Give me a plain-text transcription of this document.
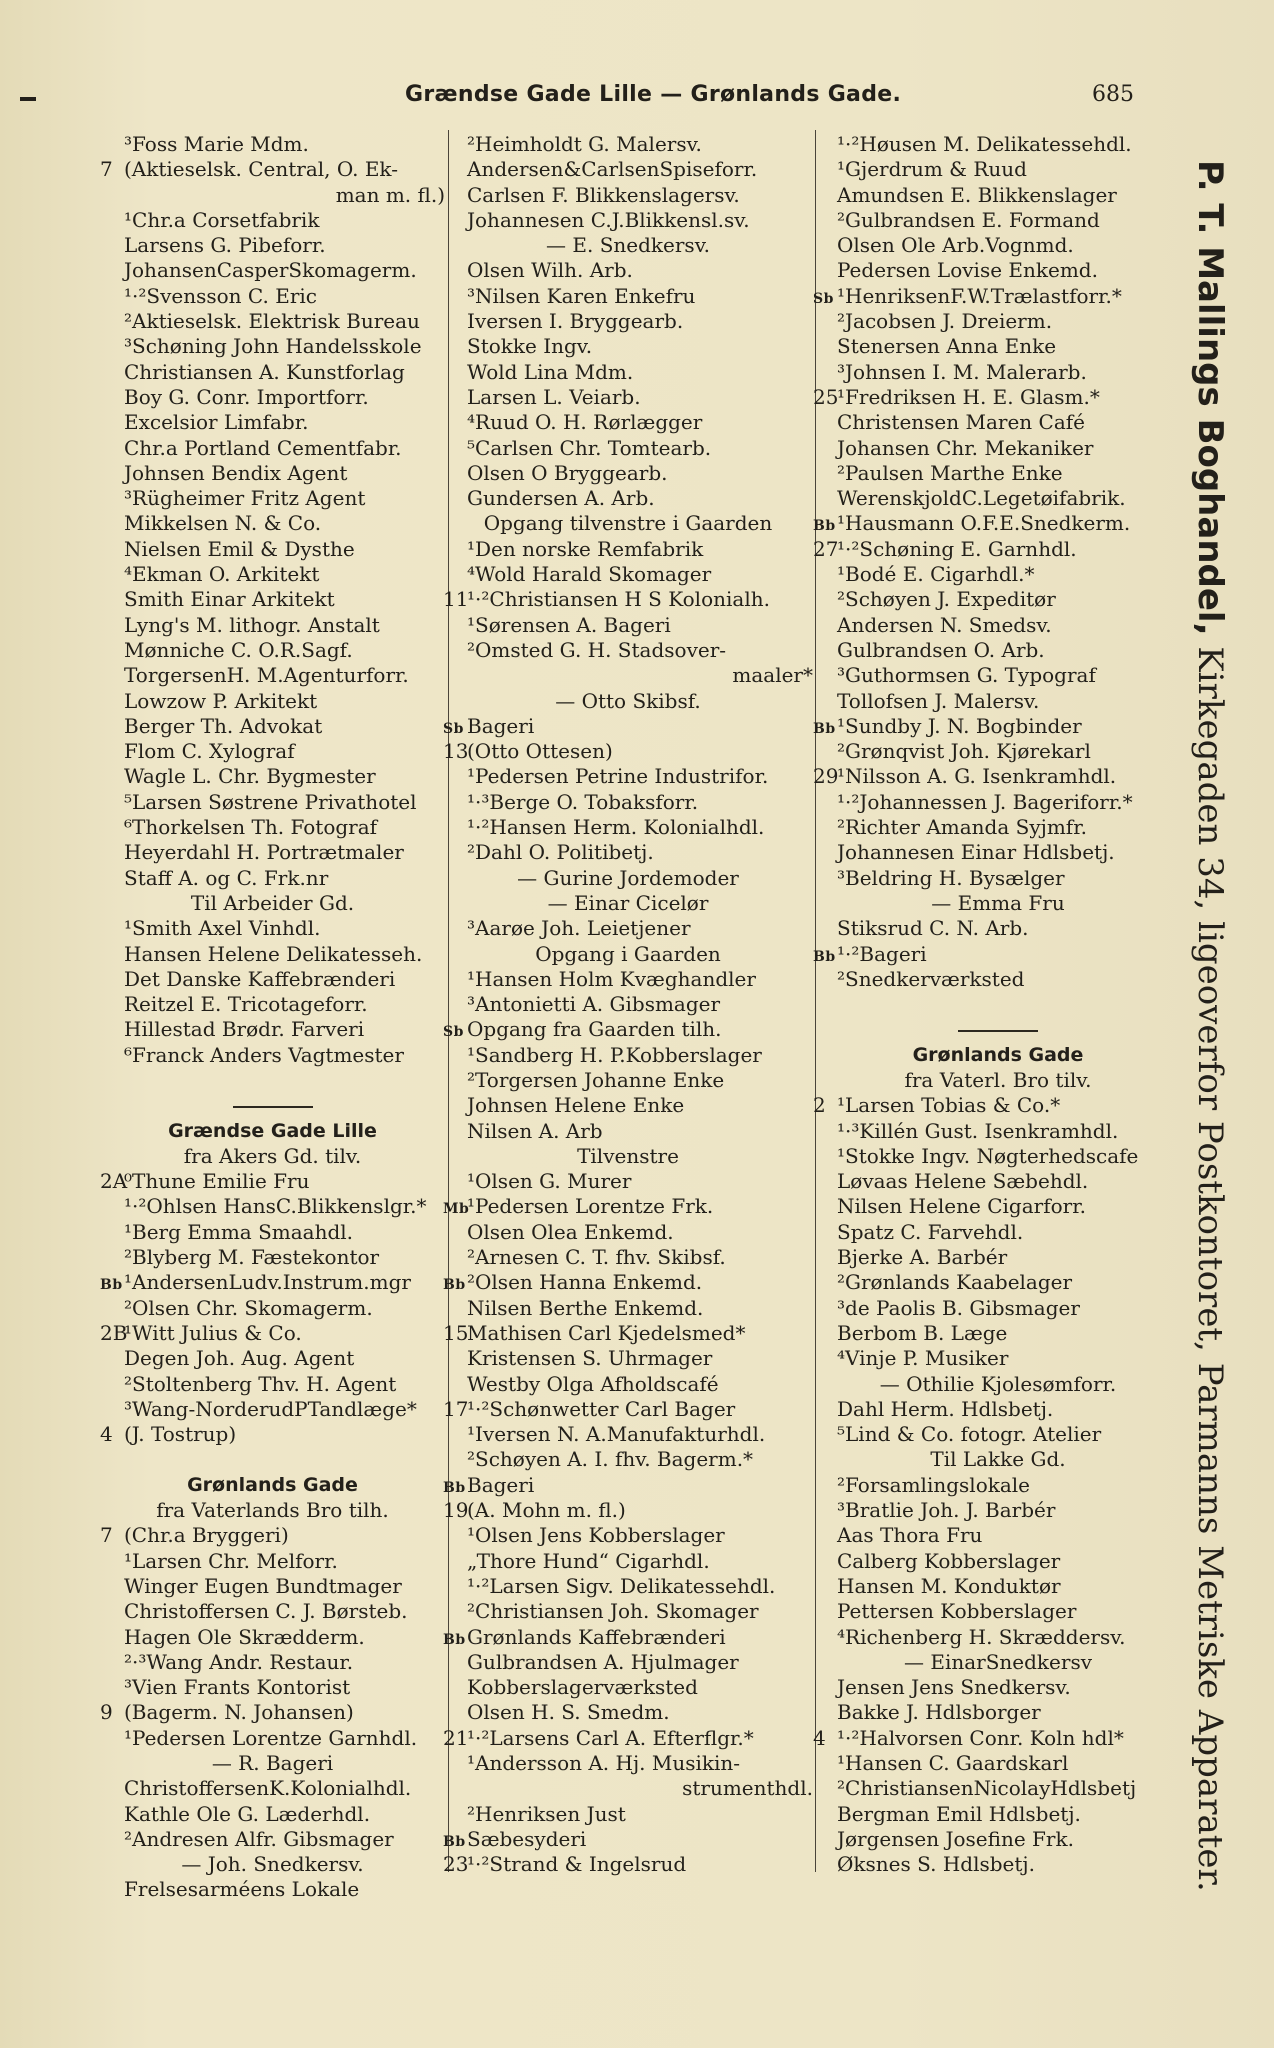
Grændse Gade Lille — Grønlands Gade.	685
³Foss Marie Mdm.
7 (Aktieselsk. Central, O. Ek-
man m. fl.)
¹Chr.a Corsetfabrik
Larsens G. Pibeforr.
JohansenCasperSkomagerm.
¹·²Svensson C. Eric
²Aktieselsk. Elektrisk Bureau
³Schøning John Handelsskole
Christiansen A. Kunstforlag
Boy G. Conr. Importforr.
Excelsior Limfabr.
Chr.a Portland Cementfabr.
Johnsen Bendix Agent
³Rügheimer Fritz Agent
Mikkelsen N. & Co.
Nielsen Emil & Dysthe
⁴Ekman O. Arkitekt
Smith Einar Arkitekt
Lyng's M. lithogr. Anstalt
Mønniche C. O.R.Sagf.
TorgersenH. M.Agenturforr.
Lowzow P. Arkitekt
Berger Th. Advokat
Flom C. Xylograf
Wagle L. Chr. Bygmester
⁵Larsen Søstrene Privathotel
⁶Thorkelsen Th. Fotograf
Heyerdahl H. Portrætmaler
Staff A. og C. Frk.nr
Til Arbeider Gd.
¹Smith Axel Vinhdl.
Hansen Helene Delikatesseh.
Det Danske Kaffebrænderi
Reitzel E. Tricotageforr.
Hillestad Brødr. Farveri
⁶Franck Anders Vagtmester
Grændse Gade Lille
fra Akers Gd. tilv.
2A⁰Thune Emilie Fru
¹·²Ohlsen HansC.Blikkenslgr.*
¹Berg Emma Smaahdl.
²Blyberg M. Fæstekontor
Bb¹AndersenLudv.Instrum.mgr
²Olsen Chr. Skomagerm.
2B¹Witt Julius & Co.
Degen Joh. Aug. Agent
²Stoltenberg Thv. H. Agent
³Wang-NorderudPTandlæge*
4 (J. Tostrup)
Grønlands Gade
fra Vaterlands Bro tilh.
7 (Chr.a Bryggeri)
¹Larsen Chr. Melforr.
Winger Eugen Bundtmager
Christoffersen C. J. Børsteb.
Hagen Ole Skrædderm.
²·³Wang Andr. Restaur.
³Vien Frants Kontorist
9 (Bagerm. N. Johansen)
¹Pedersen Lorentze Garnhdl.
— R. Bageri
ChristoffersenK.Kolonialhdl.
Kathle Ole G. Læderhdl.
²Andresen Alfr. Gibsmager
— Joh. Snedkersv.
Frelsesarméens Lokale
²Heimholdt G. Malersv.
Andersen&CarlsenSpiseforr.
Carlsen F. Blikkenslagersv.
Johannesen C.J.Blikkensl.sv.
— E. Snedkersv.
Olsen Wilh. Arb.
³Nilsen Karen Enkefru
Iversen I. Bryggearb.
Stokke Ingv.
Wold Lina Mdm.
Larsen L. Veiarb.
⁴Ruud O. H. Rørlægger
⁵Carlsen Chr. Tomtearb.
Olsen O Bryggearb.
Gundersen A. Arb.
Opgang tilvenstre i Gaarden
¹Den norske Remfabrik
⁴Wold Harald Skomager
11¹·²Christiansen H S Kolonialh.
¹Sørensen A. Bageri
²Omsted G. H. Stadsover-
maaler*
— Otto Skibsf.
Sb Bageri
13(Otto Ottesen)
¹Pedersen Petrine Industrifor.
¹·³Berge O. Tobaksforr.
¹·²Hansen Herm. Kolonialhdl.
²Dahl O. Politibetj.
— Gurine Jordemoder
— Einar Cicelør
³Aarøe Joh. Leietjener
Opgang i Gaarden
¹Hansen Holm Kvæghandler
³Antonietti A. Gibsmager
Sb Opgang fra Gaarden tilh.
¹Sandberg H. P.Kobberslager
²Torgersen Johanne Enke
Johnsen Helene Enke
Nilsen A. Arb
Tilvenstre
¹Olsen G. Murer
Mb¹Pedersen Lorentze Frk.
Olsen Olea Enkemd.
²Arnesen C. T. fhv. Skibsf.
Bb²Olsen Hanna Enkemd.
Nilsen Berthe Enkemd.
15Mathisen Carl Kjedelsmed*
Kristensen S. Uhrmager
Westby Olga Afholdscafé
17¹·²Schønwetter Carl Bager
¹Iversen N. A.Manufakturhdl.
²Schøyen A. I. fhv. Bagerm.*
BbBageri
19(A. Mohn m. fl.)
¹Olsen Jens Kobberslager
„Thore Hund“ Cigarhdl.
¹·²Larsen Sigv. Delikatessehdl.
²Christiansen Joh. Skomager
BbGrønlands Kaffebrænderi
Gulbrandsen A. Hjulmager
Kobberslagerværksted
Olsen H. S. Smedm.
21¹·²Larsens Carl A. Efterflgr.*
¹Andersson A. Hj. Musikin-
strumenthdl.
²Henriksen Just
BbSæbesyderi
23¹·²Strand & Ingelsrud
¹·²Høusen M. Delikatessehdl.
¹Gjerdrum & Ruud
Amundsen E. Blikkenslager
²Gulbrandsen E. Formand
Olsen Ole Arb.Vognmd.
Pedersen Lovise Enkemd.
Sb ¹HenriksenF.W.Trælastforr.*
²Jacobsen J. Dreierm.
Stenersen Anna Enke
³Johnsen I. M. Malerarb.
25¹Fredriksen H. E. Glasm.*
Christensen Maren Café
Johansen Chr. Mekaniker
²Paulsen Marthe Enke
WerenskjoldC.Legetøifabrik.
Bb¹Hausmann O.F.E.Snedkerm.
27¹·²Schøning E. Garnhdl.
¹Bodé E. Cigarhdl.*
²Schøyen J. Expeditør
Andersen N. Smedsv.
Gulbrandsen O. Arb.
³Guthormsen G. Typograf
Tollofsen J. Malersv.
Bb¹Sundby J. N. Bogbinder
²Grønqvist Joh. Kjørekarl
29¹Nilsson A. G. Isenkramhdl.
¹·²Johannessen J. Bageriforr.*
²Richter Amanda Syjmfr.
Johannesen Einar Hdlsbetj.
³Beldring H. Bysælger
— Emma Fru
Stiksrud C. N. Arb.
Bb¹·²Bageri
²Snedkerværksted
Grønlands Gade
fra Vaterl. Bro tilv.
2 ¹Larsen Tobias & Co.*
¹·³Killén Gust. Isenkramhdl.
¹Stokke Ingv. Nøgterhedscafe
Løvaas Helene Sæbehdl.
Nilsen Helene Cigarforr.
Spatz C. Farvehdl.
Bjerke A. Barbér
²Grønlands Kaabelager
³de Paolis B. Gibsmager
Berbom B. Læge
⁴Vinje P. Musiker
— Othilie Kjolesømforr.
Dahl Herm. Hdlsbetj.
⁵Lind & Co. fotogr. Atelier
Til Lakke Gd.
²Forsamlingslokale
³Bratlie Joh. J. Barbér
Aas Thora Fru
Calberg Kobberslager
Hansen M. Konduktør
Pettersen Kobberslager
⁴Richenberg H. Skræddersv.
— EinarSnedkersv
Jensen Jens Snedkersv.
Bakke J. Hdlsborger
4 ¹·²Halvorsen Conr. Koln hdl*
¹Hansen C. Gaardskarl
²ChristiansenNicolayHdlsbetj
Bergman Emil Hdlsbetj.
Jørgensen Josefine Frk.
Øksnes S. Hdlsbetj.
P. T. Mallings Boghandel, Kirkegaden 34, ligeoverfor Postkontoret, Parmanns Metriske Apparater.
